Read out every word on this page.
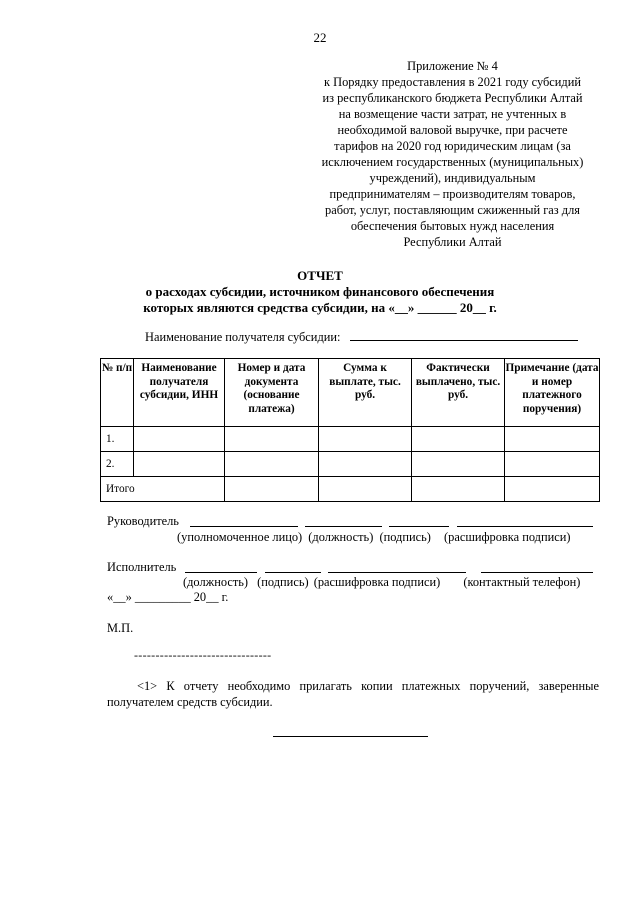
22
Приложение № 4
к Порядку предоставления в 2021 году субсидий
из республиканского бюджета Республики Алтай
на возмещение части затрат, не учтенных в
необходимой валовой выручке, при расчете
тарифов на 2020 год юридическим лицам (за
исключением государственных (муниципальных)
учреждений), индивидуальным
предпринимателям – производителям товаров,
работ, услуг, поставляющим сжиженный газ для
обеспечения бытовых нужд населения
Республики Алтай
ОТЧЕТ
о расходах субсидии, источником финансового обеспечения
которых являются средства субсидии, на «__» ______ 20__ г.
Наименование получателя субсидии:
№ п/п	Наименование получателя субсидии, ИНН	Номер и дата документа (основание платежа)	Сумма к выплате, тыс. руб.	Фактически выплачено, тыс. руб.	Примечание (дата и номер платежного поручения)
1.					
2.					
Итого					
Руководитель
(уполномоченное лицо) (должность) (подпись) (расшифровка подписи)
Исполнитель
(должность) (подпись) (расшифровка подписи) (контактный телефон)
«__» _________ 20__ г.
М.П.
--------------------------------

<1> К отчету необходимо прилагать копии платежных поручений, заверенные получателем средств субсидии.
